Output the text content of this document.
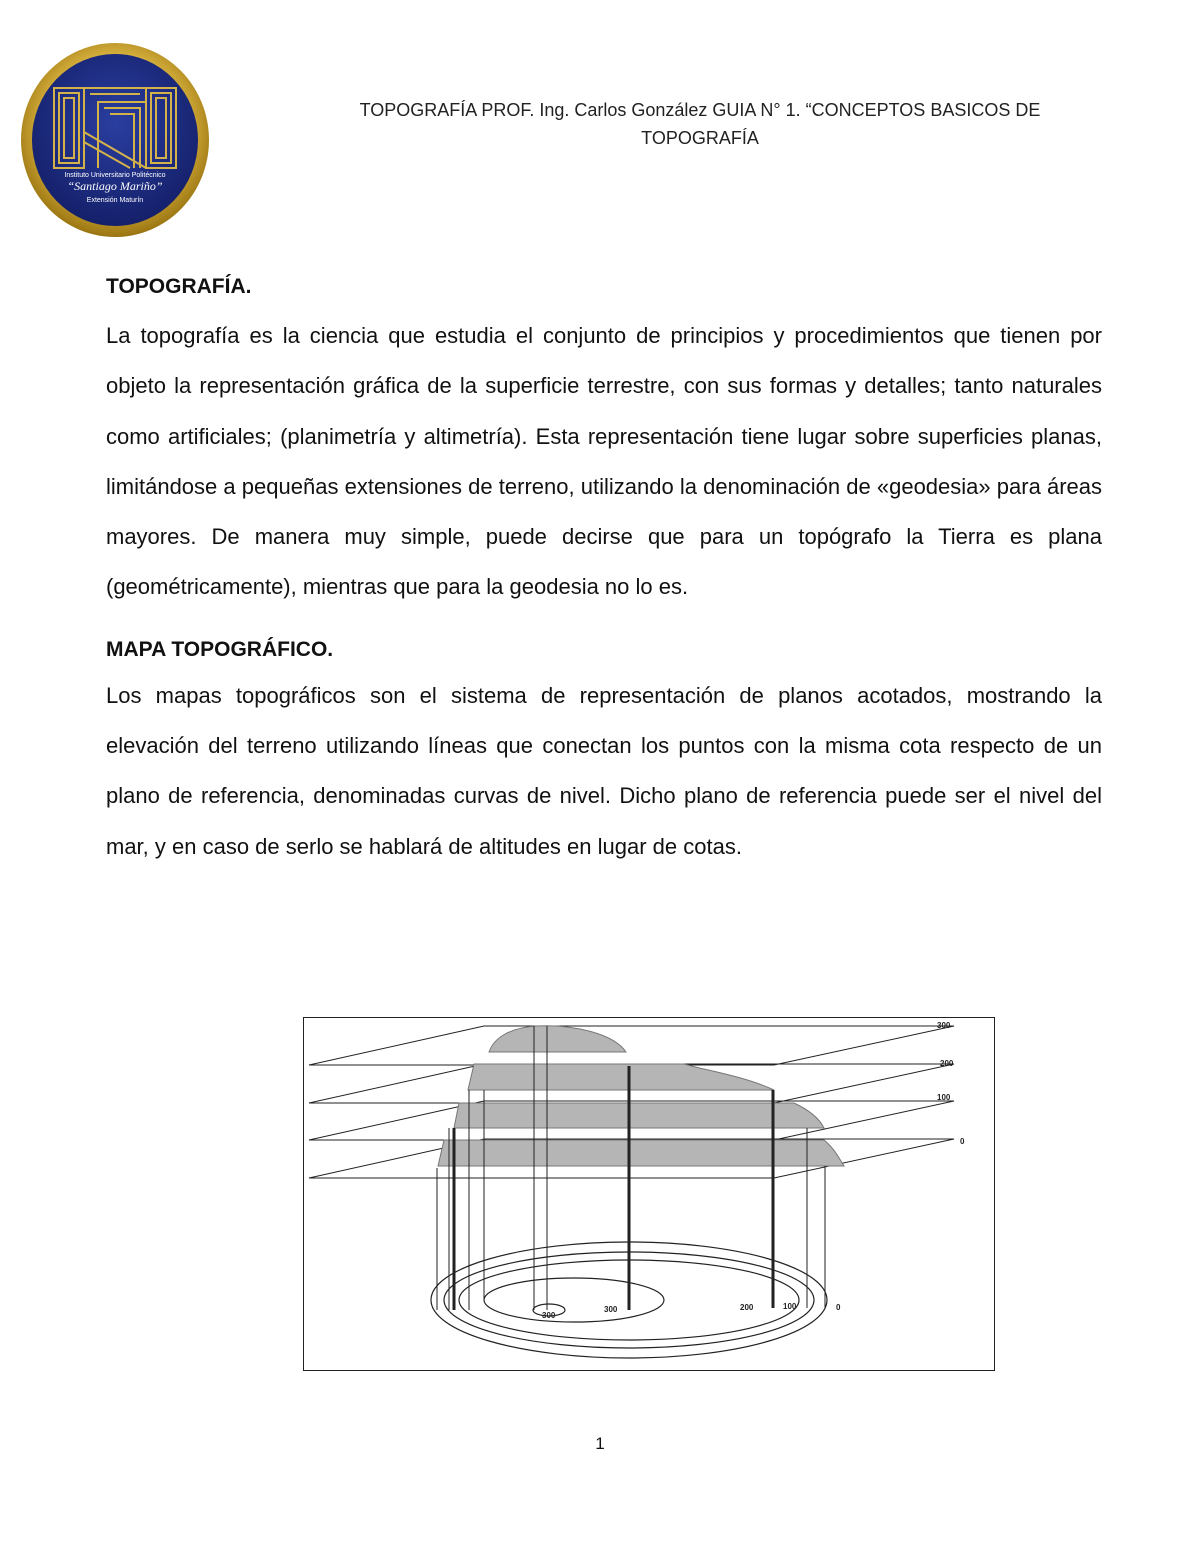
Instituto Universitario Politécnico
“Santiago Mariño”
Extensión Maturín
TOPOGRAFÍA PROF. Ing. Carlos González GUIA N° 1. “CONCEPTOS BASICOS DE TOPOGRAFÍA
TOPOGRAFÍA.

La topografía es la ciencia que estudia el conjunto de principios y procedimientos que tienen por objeto la representación gráfica de la superficie terrestre, con sus formas y detalles; tanto naturales como artificiales; (planimetría y altimetría). Esta representación tiene lugar sobre superficies planas, limitándose a pequeñas extensiones de terreno, utilizando la denominación de «geodesia» para áreas mayores. De manera muy simple, puede decirse que para un topógrafo la Tierra es plana (geométricamente), mientras que para la geodesia no lo es.

MAPA TOPOGRÁFICO.

Los mapas topográficos son el sistema de representación de planos acotados, mostrando la elevación del terreno utilizando líneas que conectan los puntos con la misma cota respecto de un plano de referencia, denominadas curvas de nivel. Dicho plano de referencia puede ser el nivel del mar, y en caso de serlo se hablará de altitudes en lugar de cotas.

300
200
100
0
300
300	200	100	0
1
